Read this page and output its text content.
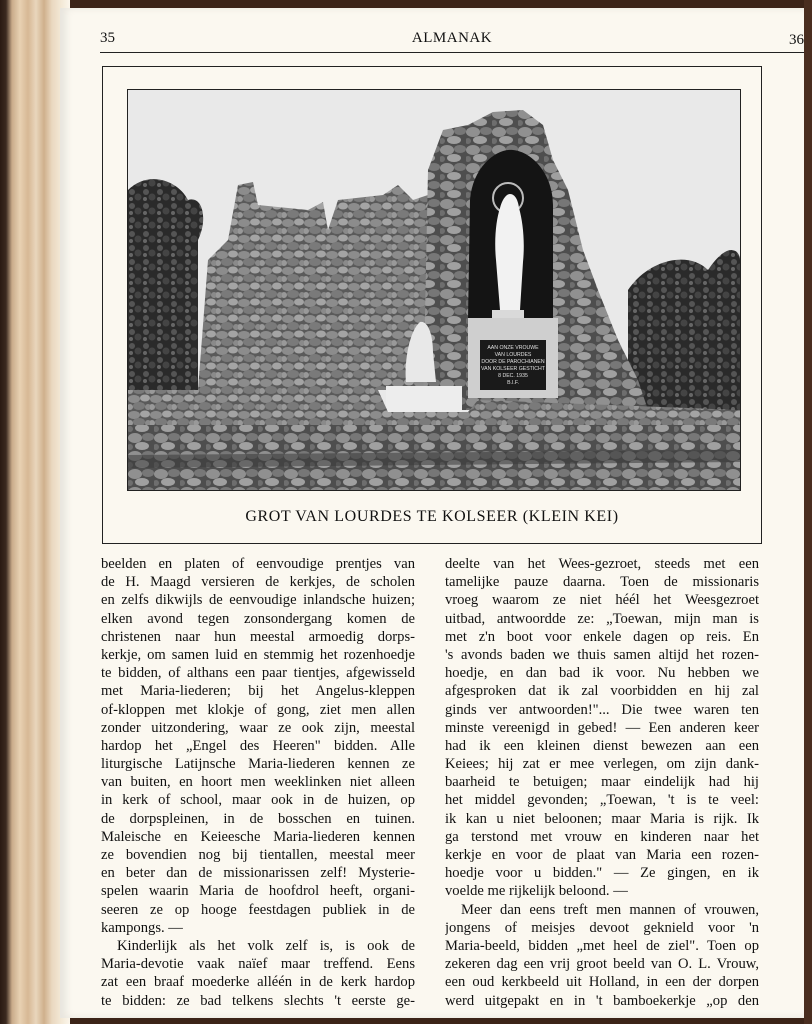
35	ALMANAK	36
AAN ONZE VROUWE
VAN LOURDES
DOOR DE PAROCHIANEN
VAN KOLSEER GESTICHT
8 DEC. 1935
B.I.F.
GROT VAN LOURDES TE KOLSEER (KLEIN KEI)
beelden en platen of eenvoudige prentjes van
de H. Maagd versieren de kerkjes, de scholen
en zelfs dikwijls de eenvoudige inlandsche huizen;
elken avond tegen zonsondergang komen de
christenen naar hun meestal armoedig dorps-
kerkje, om samen luid en stemmig het rozenhoedje
te bidden, of althans een paar tientjes, afgewisseld
met Maria-liederen; bij het Angelus-kleppen
of-kloppen met klokje of gong, ziet men allen
zonder uitzondering, waar ze ook zijn, meestal
hardop het „Engel des Heeren" bidden. Alle
liturgische Latijnsche Maria-liederen kennen ze
van buiten, en hoort men weeklinken niet alleen
in kerk of school, maar ook in de huizen, op
de dorpspleinen, in de bosschen en tuinen.
Maleische en Keieesche Maria-liederen kennen
ze bovendien nog bij tientallen, meestal meer
en beter dan de missionarissen zelf! Mysterie-
spelen waarin Maria de hoofdrol heeft, organi-
seeren ze op hooge feestdagen publiek in de
kampongs. —
Kinderlijk als het volk zelf is, is ook de
Maria-devotie vaak naïef maar treffend. Eens
zat een braaf moederke alléén in de kerk hardop
te bidden: ze bad telkens slechts 't eerste ge-
deelte van het Wees-gezroet, steeds met een
tamelijke pauze daarna. Toen de missionaris
vroeg waarom ze niet héél het Weesgezroet
uitbad, antwoordde ze: „Toewan, mijn man is
met z'n boot voor enkele dagen op reis. En
's avonds baden we thuis samen altijd het rozen-
hoedje, en dan bad ik voor. Nu hebben we
afgesproken dat ik zal voorbidden en hij zal
ginds ver antwoorden!"... Die twee waren ten
minste vereenigd in gebed! — Een anderen keer
had ik een kleinen dienst bewezen aan een
Keiees; hij zat er mee verlegen, om zijn dank-
baarheid te betuigen; maar eindelijk had hij
het middel gevonden; „Toewan, 't is te veel:
ik kan u niet beloonen; maar Maria is rijk. Ik
ga terstond met vrouw en kinderen naar het
kerkje en voor de plaat van Maria een rozen-
hoedje voor u bidden." — Ze gingen, en ik
voelde me rijkelijk beloond. —
Meer dan eens treft men mannen of vrouwen,
jongens of meisjes devoot geknield voor 'n
Maria-beeld, bidden „met heel de ziel". Toen op
zekeren dag een vrij groot beeld van O. L. Vrouw,
een oud kerkbeeld uit Holland, in een der dorpen
werd uitgepakt en in 't bamboekerkje „op den
